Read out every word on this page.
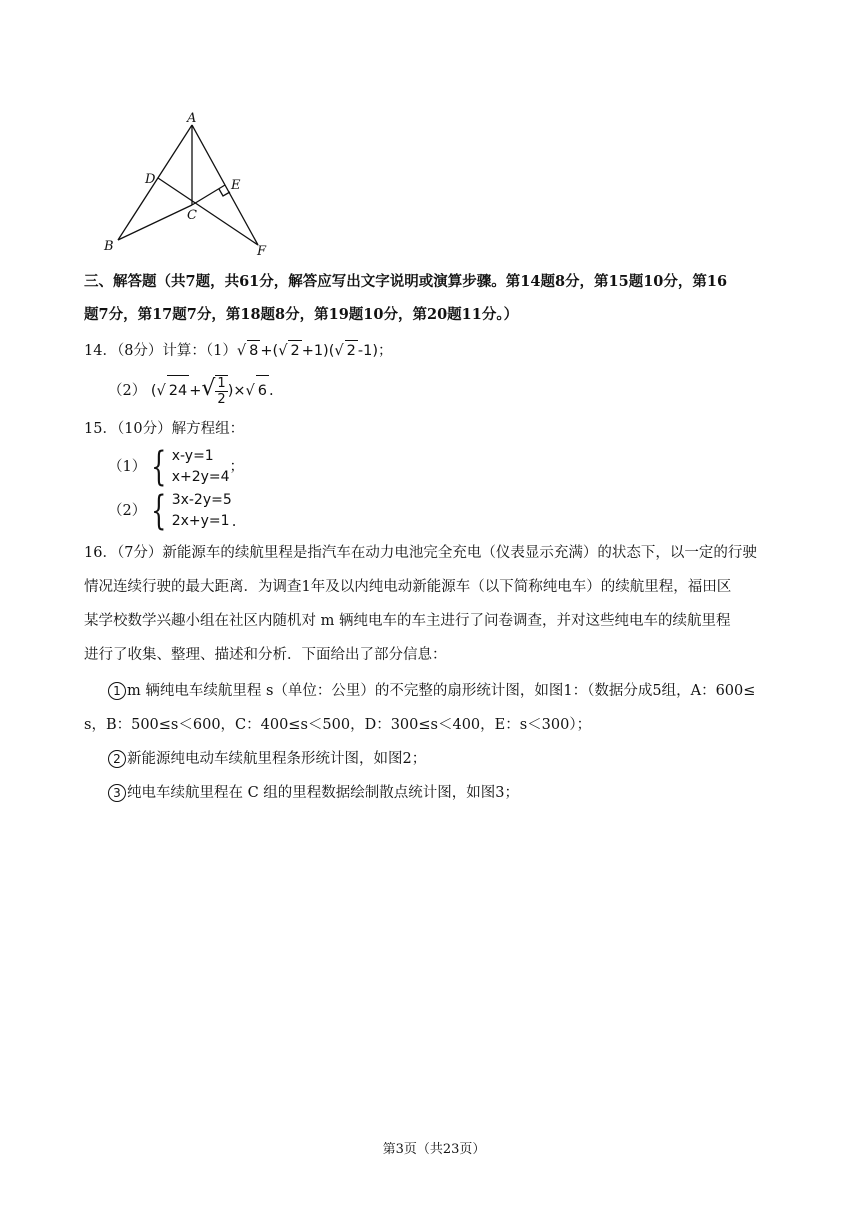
A
D	E
C
B	F
三、解答题（共7题，共61分，解答应写出文字说明或演算步骤。第14题8分，第15题10分，第16
题7分，第17题7分，第18题8分，第19题10分，第20题11分。）
14．（8分）计算：（1）√ 8 +(√ 2 +1)(√ 2 -1)；
（2） (√ 24 +√ $\frac{1}{2}$ )×√ 6 .
15．（10分）解方程组：
（1） { x-y=1
x+2y=4
；
（2） { 3x-2y=5
2x+y=1 .
16．（7分）新能源车的续航里程是指汽车在动力电池完全充电（仪表显示充满）的状态下，以一定的行驶
情况连续行驶的最大距离．为调查1年及以内纯电动新能源车（以下简称纯电车）的续航里程，福田区
某学校数学兴趣小组在社区内随机对 m 辆纯电车的车主进行了问卷调查，并对这些纯电车的续航里程
进行了收集、整理、描述和分析．下面给出了部分信息：
1 m 辆纯电车续航里程 s（单位：公里）的不完整的扇形统计图，如图1：（数据分成5组，A：600≤
s，B：500≤s＜600，C：400≤s＜500，D：300≤s＜400，E：s＜300）；
2 新能源纯电动车续航里程条形统计图，如图2；
3 纯电车续航里程在 C 组的里程数据绘制散点统计图，如图3；
第3页（共23页）
